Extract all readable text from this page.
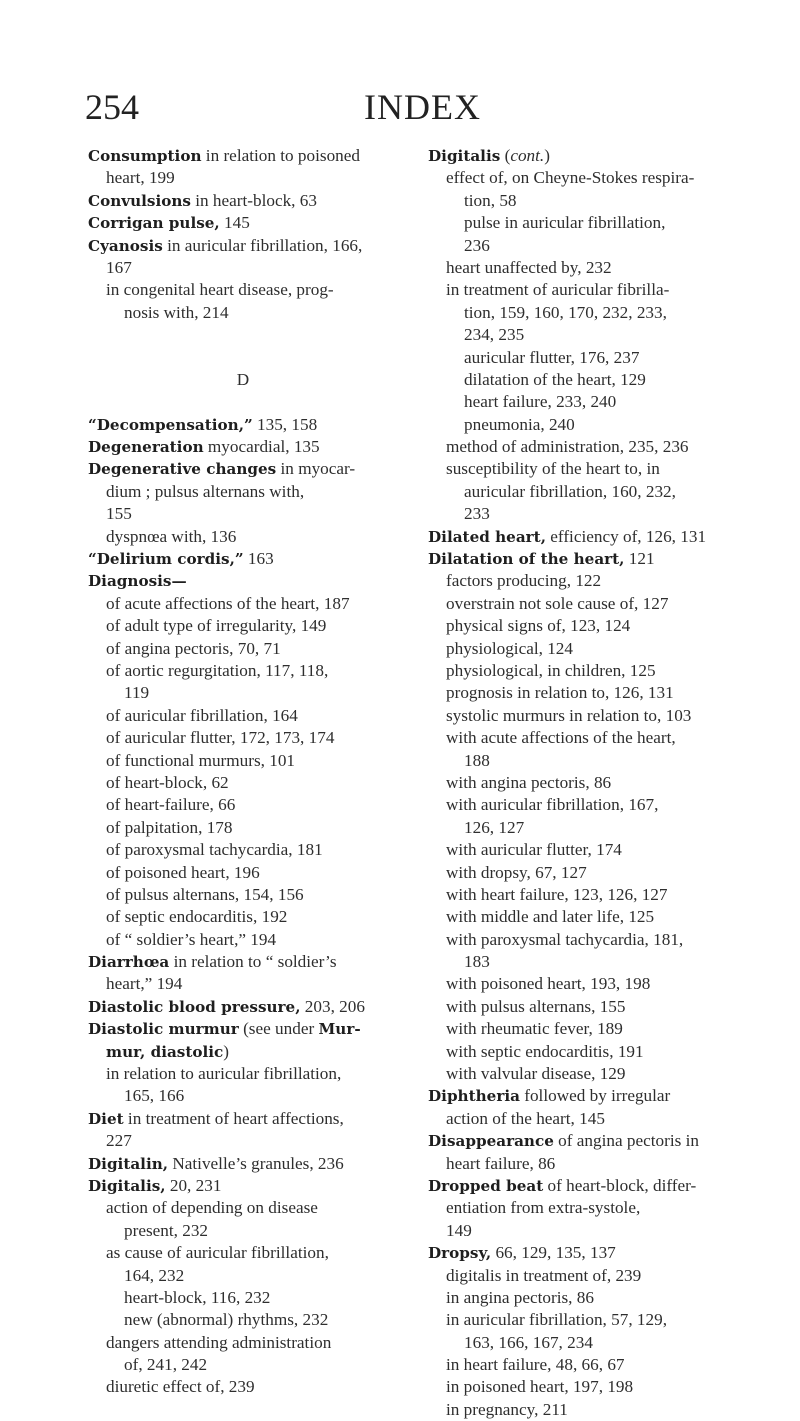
254	INDEX
Consumption in relation to poisoned
heart, 199
Convulsions in heart-block, 63
Corrigan pulse, 145
Cyanosis in auricular fibrillation, 166,
167
in congenital heart disease, prog-
nosis with, 214
D
“Decompensation,” 135, 158
Degeneration myocardial, 135
Degenerative changes in myocar-
dium ; pulsus alternans with,
155
dyspnœa with, 136
“Delirium cordis,” 163
Diagnosis—
of acute affections of the heart, 187
of adult type of irregularity, 149
of angina pectoris, 70, 71
of aortic regurgitation, 117, 118,
119
of auricular fibrillation, 164
of auricular flutter, 172, 173, 174
of functional murmurs, 101
of heart-block, 62
of heart-failure, 66
of palpitation, 178
of paroxysmal tachycardia, 181
of poisoned heart, 196
of pulsus alternans, 154, 156
of septic endocarditis, 192
of “ soldier’s heart,” 194
Diarrhœa in relation to “ soldier’s
heart,” 194
Diastolic blood pressure, 203, 206
Diastolic murmur (see under Mur-
mur, diastolic)
in relation to auricular fibrillation,
165, 166
Diet in treatment of heart affections,
227
Digitalin, Nativelle’s granules, 236
Digitalis, 20, 231
action of depending on disease
present, 232
as cause of auricular fibrillation,
164, 232
heart-block, 116, 232
new (abnormal) rhythms, 232
dangers attending administration
of, 241, 242
diuretic effect of, 239
Digitalis (cont.)
effect of, on Cheyne-Stokes respira-
tion, 58
pulse in auricular fibrillation,
236
heart unaffected by, 232
in treatment of auricular fibrilla-
tion, 159, 160, 170, 232, 233,
234, 235
auricular flutter, 176, 237
dilatation of the heart, 129
heart failure, 233, 240
pneumonia, 240
method of administration, 235, 236
susceptibility of the heart to, in
auricular fibrillation, 160, 232,
233
Dilated heart, efficiency of, 126, 131
Dilatation of the heart, 121
factors producing, 122
overstrain not sole cause of, 127
physical signs of, 123, 124
physiological, 124
physiological, in children, 125
prognosis in relation to, 126, 131
systolic murmurs in relation to, 103
with acute affections of the heart,
188
with angina pectoris, 86
with auricular fibrillation, 167,
126, 127
with auricular flutter, 174
with dropsy, 67, 127
with heart failure, 123, 126, 127
with middle and later life, 125
with paroxysmal tachycardia, 181,
183
with poisoned heart, 193, 198
with pulsus alternans, 155
with rheumatic fever, 189
with septic endocarditis, 191
with valvular disease, 129
Diphtheria followed by irregular
action of the heart, 145
Disappearance of angina pectoris in
heart failure, 86
Dropped beat of heart-block, differ-
entiation from extra-systole,
149
Dropsy, 66, 129, 135, 137
digitalis in treatment of, 239
in angina pectoris, 86
in auricular fibrillation, 57, 129,
163, 166, 167, 234
in heart failure, 48, 66, 67
in poisoned heart, 197, 198
in pregnancy, 211
